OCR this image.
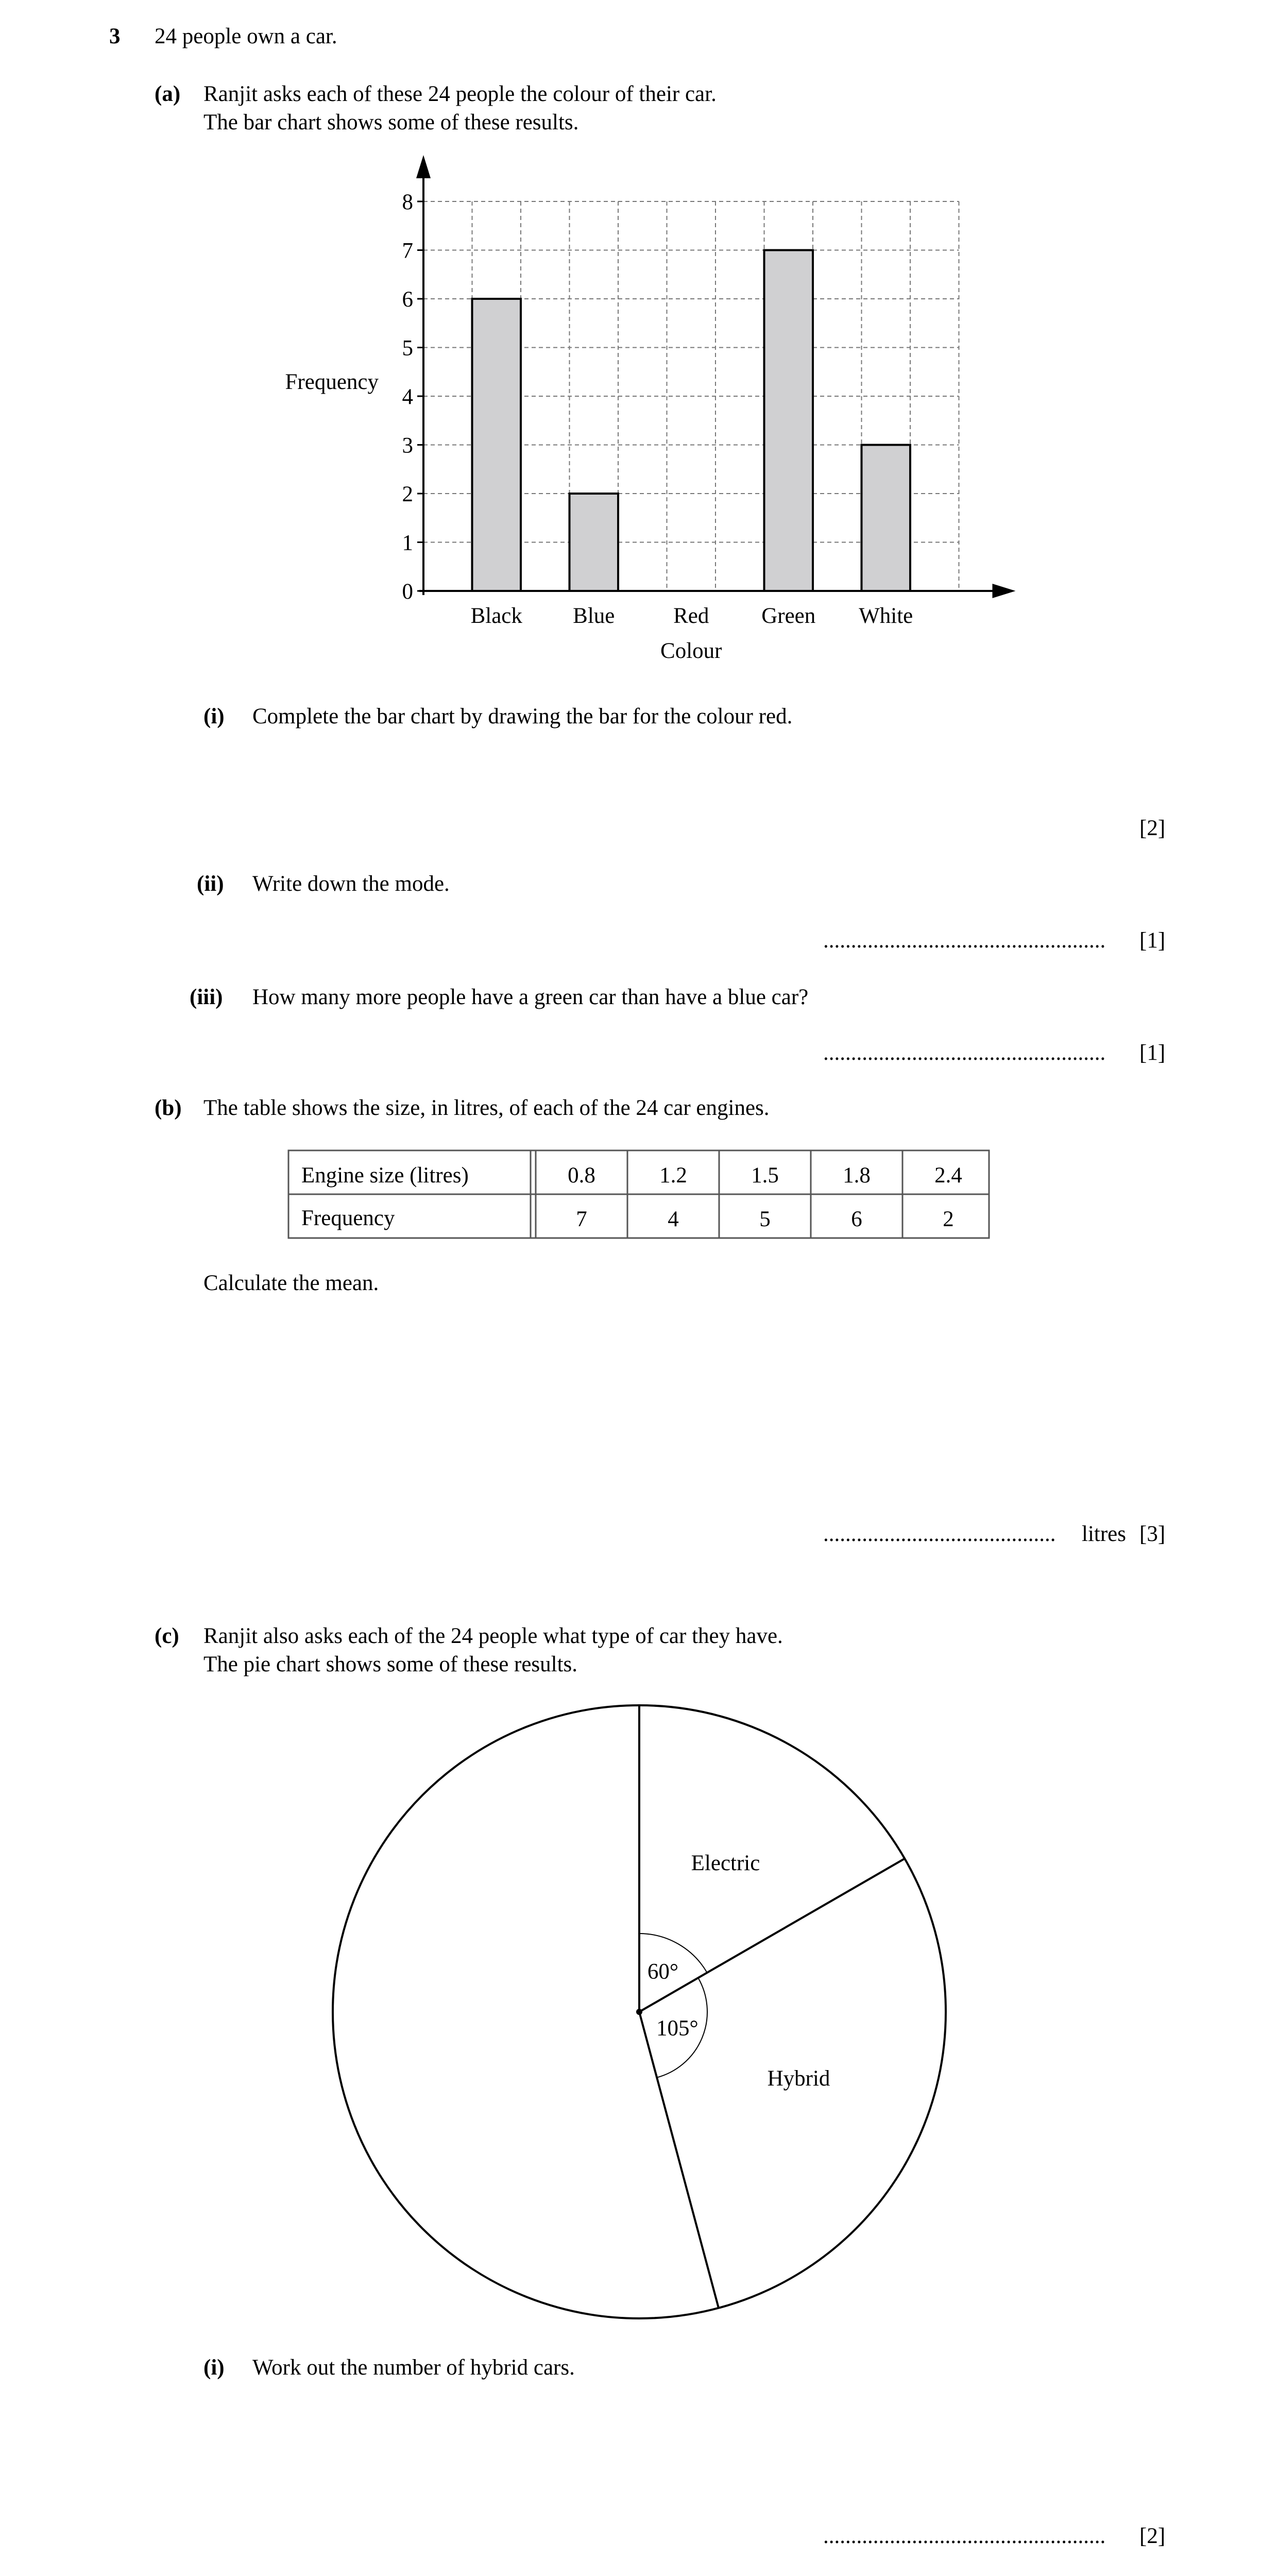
3 24 people own a car.
(a) Ranjit asks each of these 24 people the colour of their car.
The bar chart shows some of these results.
Black Blue	Red Green White
0
1
2
3
4
5
6
7
8
Frequency
Colour
(i) Complete the bar chart by drawing the bar for the colour red.
[2]
(ii) Write down the mode.
................................................... [1]
(iii) How many more people have a green car than have a blue car?
................................................... [1]
(b) The table shows the size, in litres, of each of the 24 car engines.
Engine size (litres)
Frequency
0.8
7
1.2
4
1.5
5
1.8
6
2.4
2
Calculate the mean.
.......................................... litres [3]
(c) Ranjit also asks each of the 24 people what type of car they have.
The pie chart shows some of these results.
60°
Electric
105°
Hybrid
(i) Work out the number of hybrid cars.
................................................... [2]
